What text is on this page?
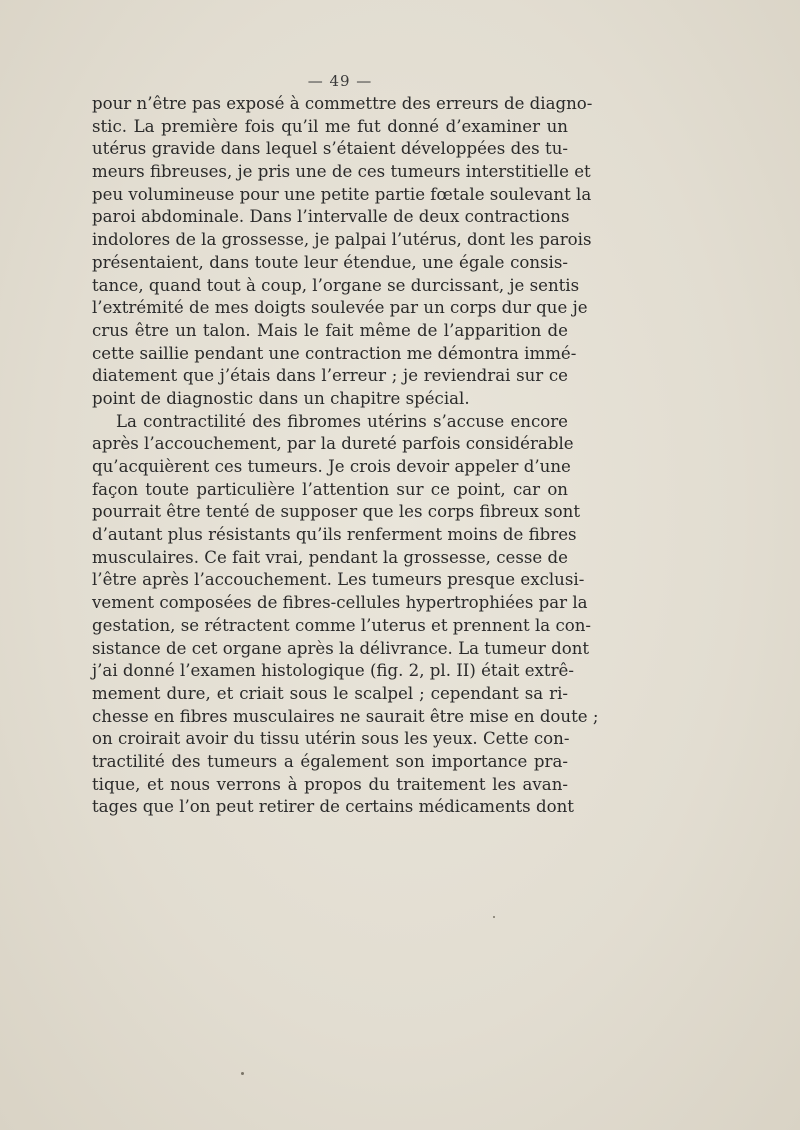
— 49 —
pour n’être pas exposé à commettre des erreurs de diagno-
stic. La première fois qu’il me fut donné d’examiner un
utérus gravide dans lequel s’étaient développées des tu-
meurs fibreuses, je pris une de ces tumeurs interstitielle et
peu volumineuse pour une petite partie fœtale soulevant la
paroi abdominale. Dans l’intervalle de deux contractions
indolores de la grossesse, je palpai l’utérus, dont les parois
présentaient, dans toute leur étendue, une égale consis-
tance, quand tout à coup, l’organe se durcissant, je sentis
l’extrémité de mes doigts soulevée par un corps dur que je
crus être un talon. Mais le fait même de l’apparition de
cette saillie pendant une contraction me démontra immé-
diatement que j’étais dans l’erreur ; je reviendrai sur ce
point de diagnostic dans un chapitre spécial.
La contractilité des fibromes utérins s’accuse encore
après l’accouchement, par la dureté parfois considérable
qu’acquièrent ces tumeurs. Je crois devoir appeler d’une
façon toute particulière l’attention sur ce point, car on
pourrait être tenté de supposer que les corps fibreux sont
d’autant plus résistants qu’ils renferment moins de fibres
musculaires. Ce fait vrai, pendant la grossesse, cesse de
l’être après l’accouchement. Les tumeurs presque exclusi-
vement composées de fibres-cellules hypertrophiées par la
gestation, se rétractent comme l’uterus et prennent la con-
sistance de cet organe après la délivrance. La tumeur dont
j’ai donné l’examen histologique (fig. 2, pl. II) était extrê-
mement dure, et criait sous le scalpel ; cependant sa ri-
chesse en fibres musculaires ne saurait être mise en doute ;
on croirait avoir du tissu utérin sous les yeux. Cette con-
tractilité des tumeurs a également son importance pra-
tique, et nous verrons à propos du traitement les avan-
tages que l’on peut retirer de certains médicaments dont
